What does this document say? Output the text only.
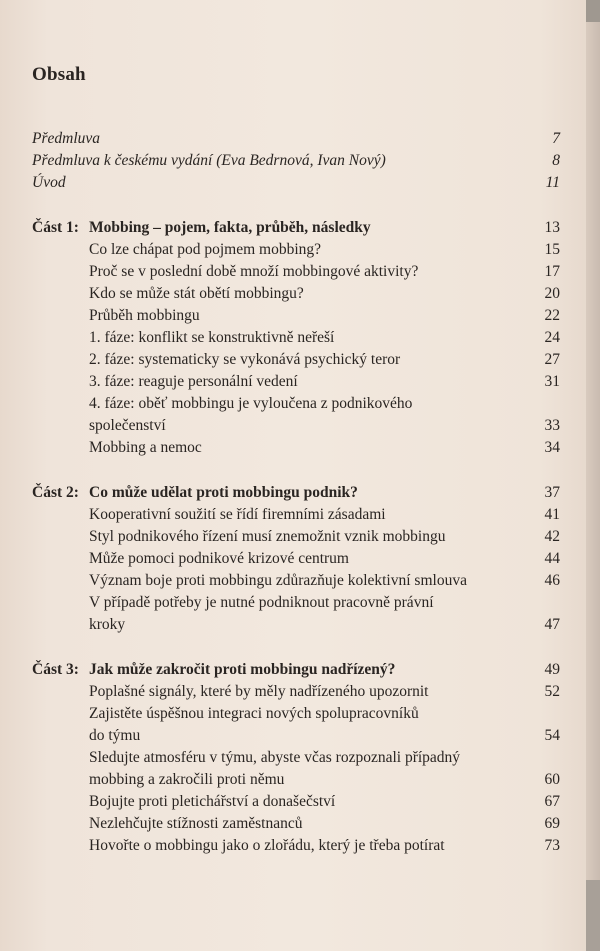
Obsah
Předmluva	7
Předmluva k českému vydání (Eva Bedrnová, Ivan Nový)	8
Úvod	11
Část 1: Mobbing – pojem, fakta, průběh, následky	13
Co lze chápat pod pojmem mobbing?	15
Proč se v poslední době množí mobbingové aktivity?	17
Kdo se může stát obětí mobbingu?	20
Průběh mobbingu	22
1. fáze: konflikt se konstruktivně neřeší	24
2. fáze: systematicky se vykonává psychický teror	27
3. fáze: reaguje personální vedení	31
4. fáze: oběť mobbingu je vyloučena z podnikového
společenství	33
Mobbing a nemoc	34
Část 2: Co může udělat proti mobbingu podnik?	37
Kooperativní soužití se řídí firemními zásadami	41
Styl podnikového řízení musí znemožnit vznik mobbingu	42
Může pomoci podnikové krizové centrum	44
Význam boje proti mobbingu zdůrazňuje kolektivní smlouva	46
V případě potřeby je nutné podniknout pracovně právní
kroky	47
Část 3: Jak může zakročit proti mobbingu nadřízený?	49
Poplašné signály, které by měly nadřízeného upozornit	52
Zajistěte úspěšnou integraci nových spolupracovníků
do týmu	54
Sledujte atmosféru v týmu, abyste včas rozpoznali případný
mobbing a zakročili proti němu	60
Bojujte proti pletichářství a donašečství	67
Nezlehčujte stížnosti zaměstnanců	69
Hovořte o mobbingu jako o zlořádu, který je třeba potírat	73
